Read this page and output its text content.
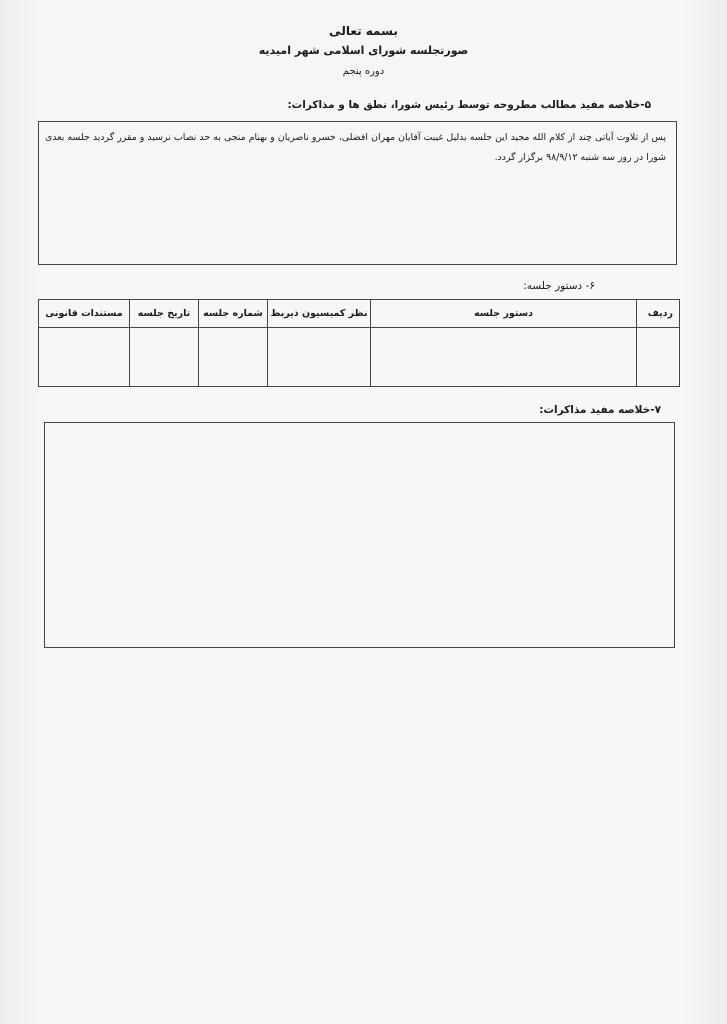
بسمه تعالی
صورتجلسه شورای اسلامی شهر امیدیه
دوره پنجم
۵-خلاصه مفید مطالب مطروحه توسط رئیس شورا، نطق ها و مذاکرات:
پس از تلاوت آیاتی چند از کلام الله مجید این جلسه بدلیل غیبت آقایان مهران افضلی، خسرو ناصریان و بهنام منجی به حد نصاب نرسید و مقرر گردید جلسه بعدی شورا در روز سه شنبه ۹۸/۹/۱۲ برگزار گردد.
۶- دستور جلسه:
ردیف	دستور جلسه	نظر کمیسیون ذیربط	شماره جلسه	تاریخ جلسه	مستندات قانونی

۷-خلاصه مفید مذاکرات:
